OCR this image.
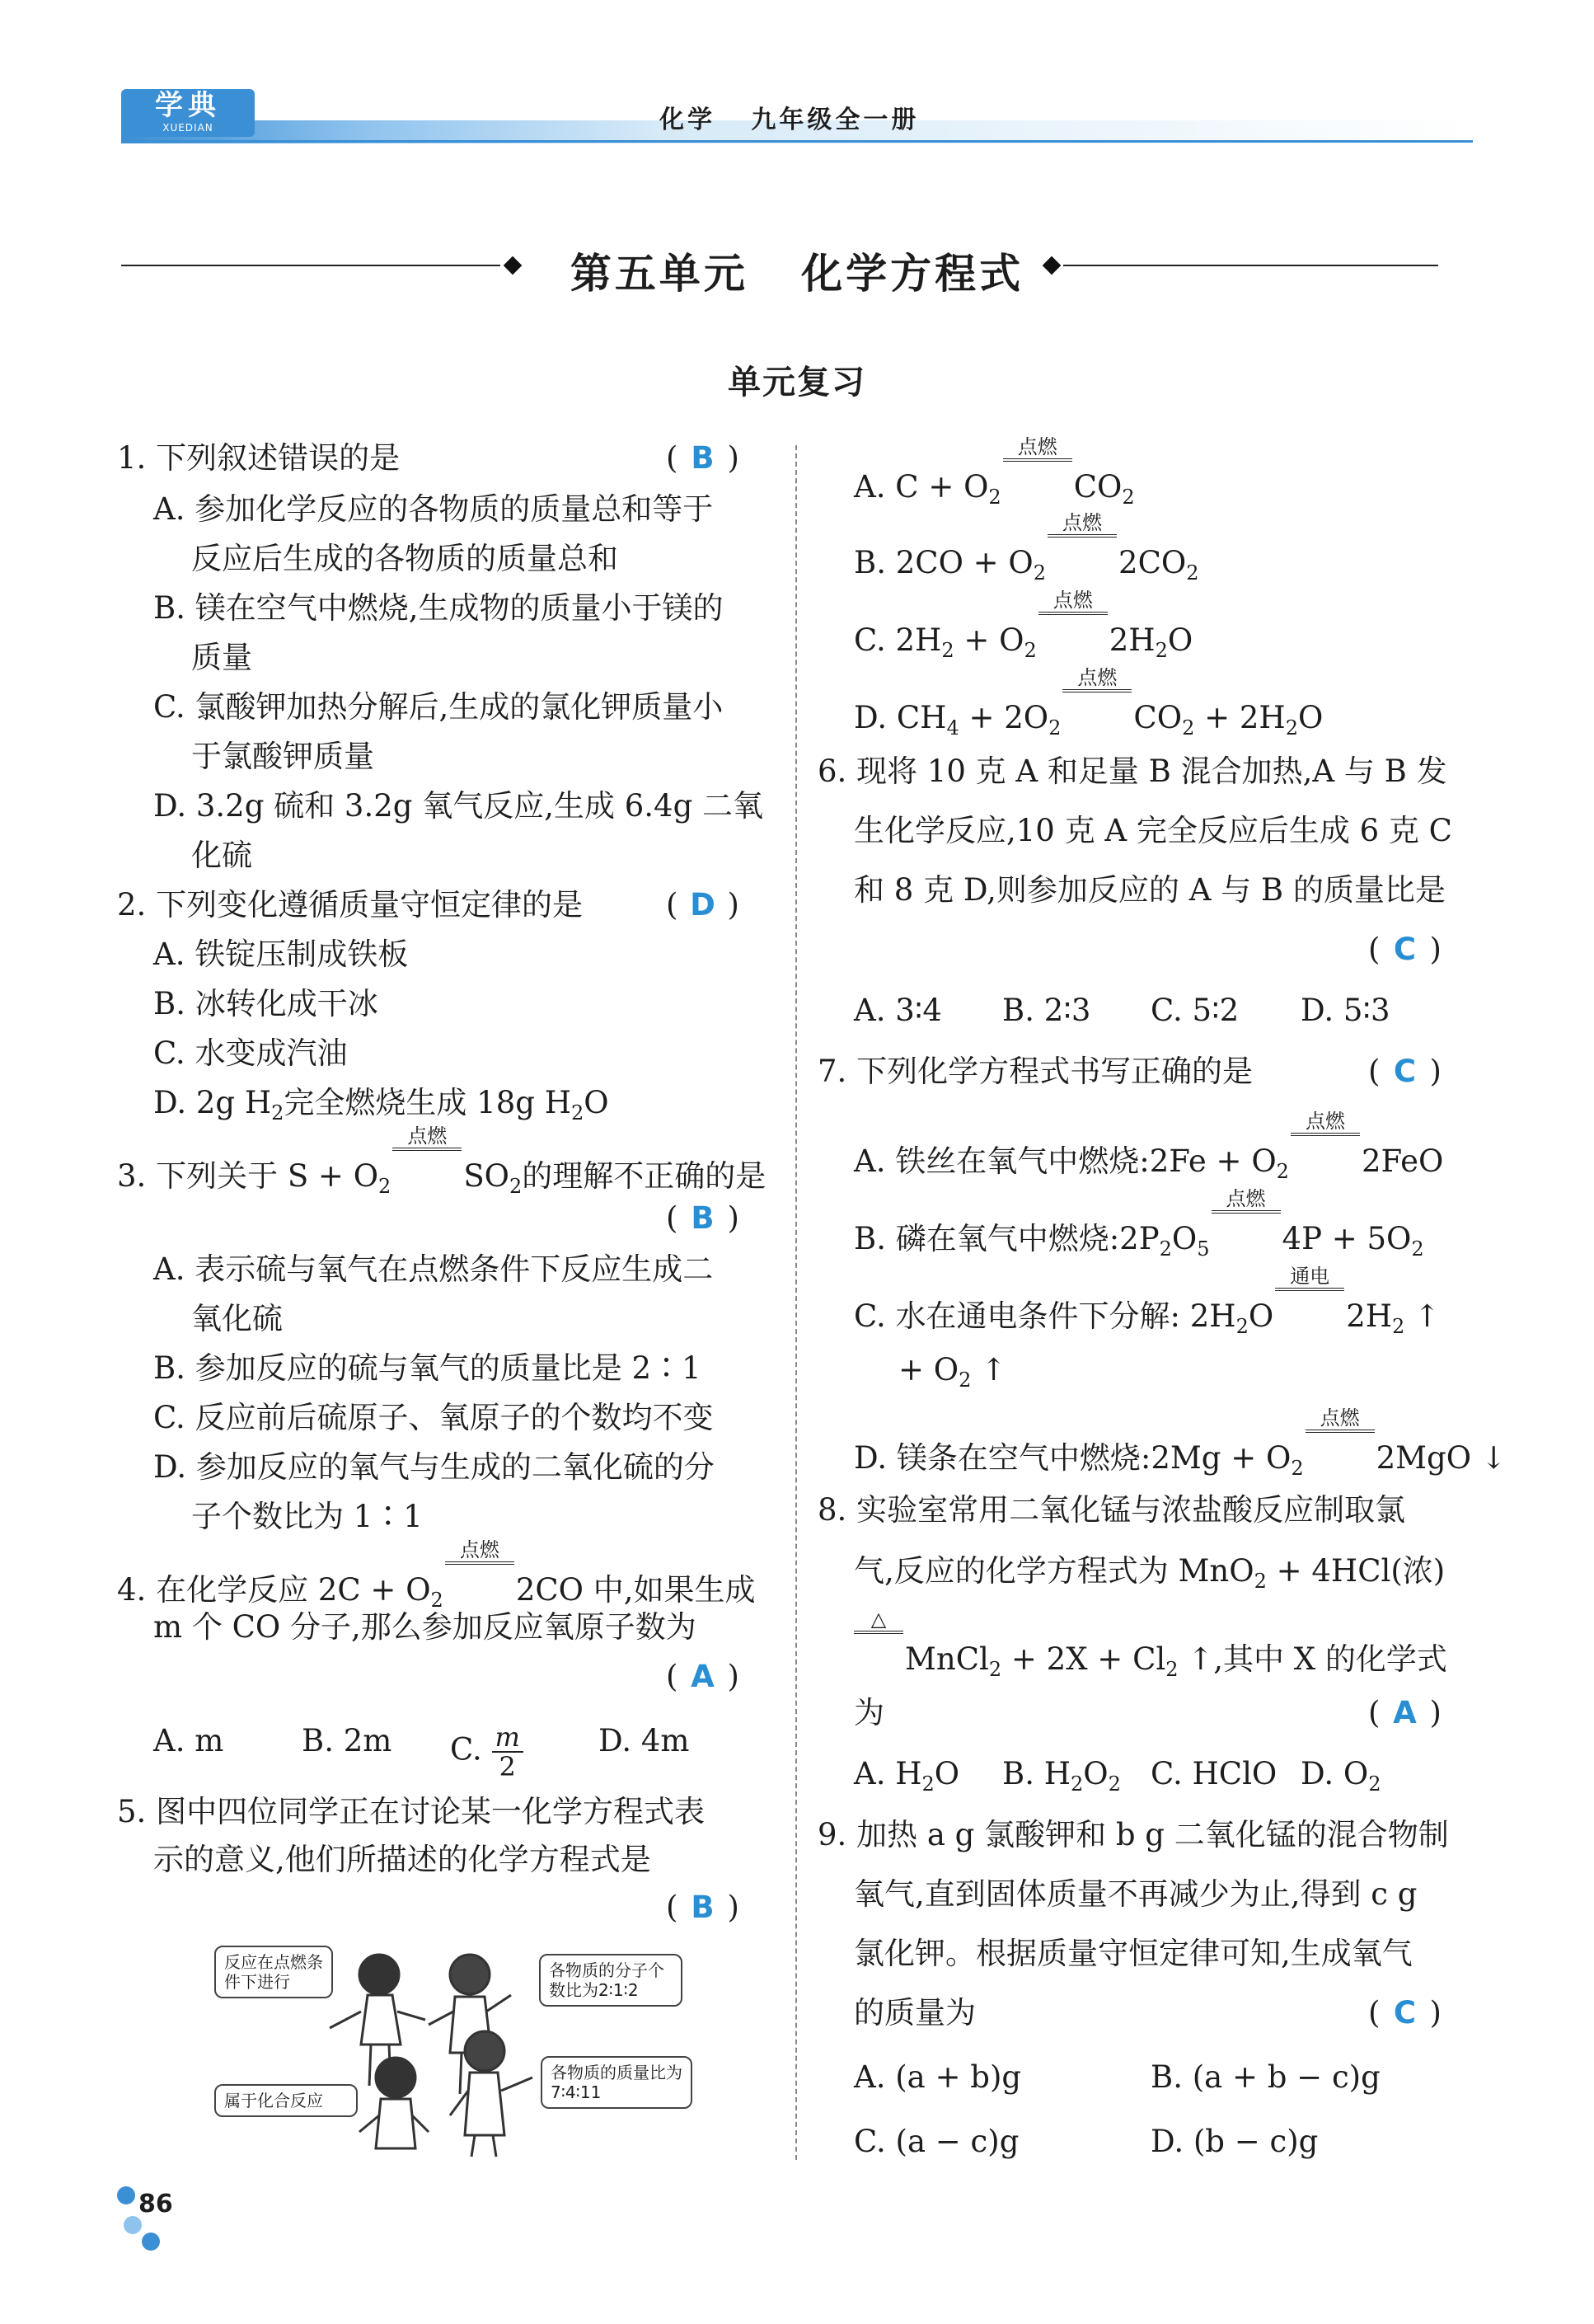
学典
XUEDIAN	化学   九年级全一册
第五单元   化学方程式
单元复习
1. 下列叙述错误的是	( B )
A. 参加化学反应的各物质的质量总和等于
反应后生成的各物质的质量总和
B. 镁在空气中燃烧,生成物的质量小于镁的
质量
C. 氯酸钾加热分解后,生成的氯化钾质量小
于氯酸钾质量
D. 3.2g 硫和 3.2g 氧气反应,生成 6.4g 二氧
化硫
2. 下列变化遵循质量守恒定律的是	( D )
A. 铁锭压制成铁板
B. 冰转化成干冰
C. 水变成汽油
D. 2g $H_2$完全燃烧生成 18g $H_2O$
3. 下列关于 $S + O_2$
点燃
$SO_2$的理解不正确的是
( B )
A. 表示硫与氧气在点燃条件下反应生成二
氧化硫
B. 参加反应的硫与氧气的质量比是 2∶1
C. 反应前后硫原子、氧原子的个数均不变
D. 参加反应的氧气与生成的二氧化硫的分
子个数比为 1∶1
4. 在化学反应 $2C + O_2$
点燃
2CO 中,如果生成
m 个 CO 分子,那么参加反应氧原子数为
( A )
A. m	B. 2m C. $\frac{m}{2} D$. 4m
5. 图中四位同学正在讨论某一化学方程式表
示的意义,他们所描述的化学方程式是
( B )
反应在点燃条件下进行
各物质的分子个数比为2∶1∶2
属于化合反应
各物质的质量比为7∶4∶11
A. $C + O_2$
点燃
$CO_2$
B. $2CO + O_2$
点燃
$2CO_2$
C. $2H_2 + O_2$
点燃
$2H_2O$
D. $CH_4 + 2O_2$
点燃
$CO_2 + 2H_2O$
6. 现将 10 克 A 和足量 B 混合加热,A 与 B 发
生化学反应,10 克 A 完全反应后生成 6 克 C
和 8 克 D,则参加反应的 A 与 B 的质量比是
( C )
A. 3∶4 B. 2∶3 C. 5∶2 D. 5∶3
7. 下列化学方程式书写正确的是	( C )
A. 铁丝在氧气中燃烧:2Fe + $O_2$
点燃
2FeO
B. 磷在氧气中燃烧$:2P_2O_5$
点燃
$4P + 5O_2$
C. 水在通电条件下分解: $2H_2O$
通电
$2H_2$ ↑
+ $O_2$ ↑
D. 镁条在空气中燃烧:2Mg + $O_2$
点燃
2MgO ↓
8. 实验室常用二氧化锰与浓盐酸反应制取氯
气,反应的化学方程式为 MnO$_2$ + 4HCl(浓)
△
MnCl$_2$ + $2X + Cl_2$ ↑,其中 X 的化学式
为	( A )
A. $H_2O$ B. $H_2O_2$ C. HClO D. $O_2$
9. 加热 a g 氯酸钾和 b g 二氧化锰的混合物制
氧气,直到固体质量不再减少为止,得到 c g
氯化钾。根据质量守恒定律可知,生成氧气
的质量为	( C )
A. (a + b)g	B. (a + b − c)g
C. (a − c)g	D. (b − c)g
86
